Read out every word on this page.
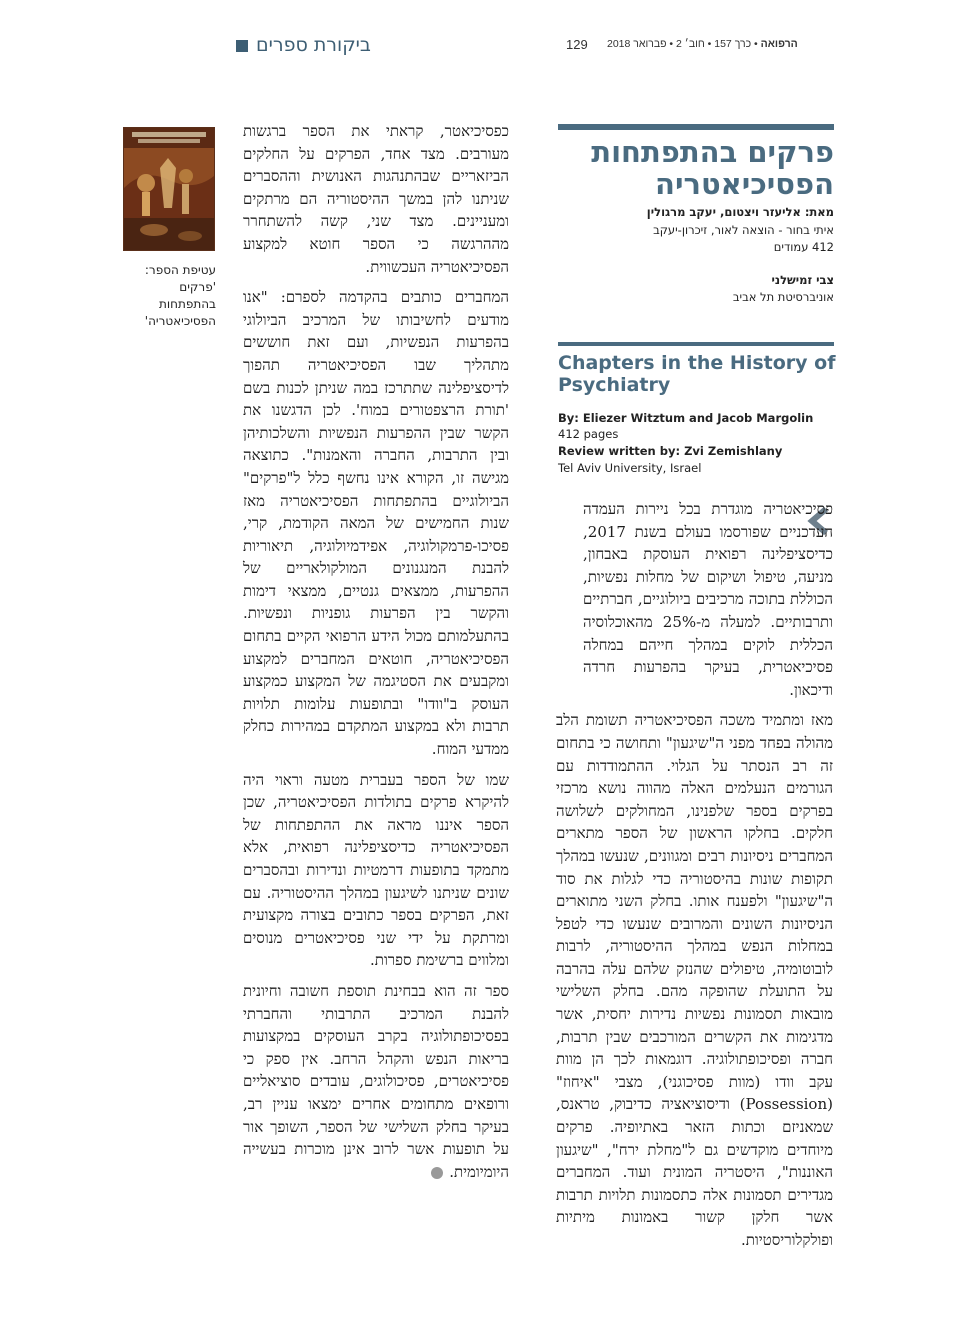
ביקורת ספרים	129	הרפואה • כרך 157 • חוב׳ 2 • פברואר 2018
פרקים בהתפתחות הפסיכיאטריה
מאת: אליעזר ויצטום, יעקב מרגולין
איתי בחור - הוצאה לאור, זיכרון-יעקב
412 עמודים
צבי זמישלני
אוניברסיטת תל אביב
Chapters in the History of Psychiatry
By: Eliezer Witztum and Jacob Margolin
412 pages
Review written by: Zvi Zemishlany
Tel Aviv University, Israel

פסיכיאטריה מוגדרת בכל ניירות העמדה העדכניים שפורסמו בעולם בשנת 2017, כדיסציפלינה רפואית העוסקת באבחון, מניעה, טיפול ושיקום של מחלות נפשיות, הכוללת בתוכה מרכיבים ביולוגיים, חברתיים ותרבותיים. למעלה מ-25% מהאוכלוסיה הכללית לוקים במהלך חייהם במחלה פסיכיאטרית, בעיקר בהפרעות חרדה ודיכאון.

מאז ומתמיד משכה הפסיכיאטריה תשומת הלב מהולה בפחד מפני ה"שיגעון" ותחושה כי בתחום זה רב הנסתר על הגלוי. ההתמודדות עם הגורמים הנעלמים האלה מהווה נושא מרכזי בפרקים בספר שלפנינו, המחולקים לשלושה חלקים. בחלקו הראשון של הספר מתארים המחברים ניסיונות רבים ומגוונים, שנעשו במהלך תקופות שונות בהיסטוריה כדי לגלות את סוד ה"שיגעון" ולפענח אותו. בחלק השני מתוארים הניסיונות השונים והמרובים שנעשו כדי לטפל במחלות הנפש במהלך ההיסטוריה, לרבות לובוטומיה, טיפולים שהנזק שלהם עלה בהרבה על התועלת שהופקה מהם. בחלק השלישי מובאות תסמונות נפשיות נדירות יחסית, אשר מדגימות את הקשרים המורכבים שבין תרבות, חברה ופסיכופתולוגיה. דוגמאות לכך הן מוות עקב וודו (מוות פסיכוגני), מצבי "איחוז" (Possession) ודיסוציאציה כדיבוק, טראנס, שמאניזם וכתות הזאר באתיופיה. פרקים מיוחדים מוקדשים גם ל"מחלת ירח", "שיגעון האוננות", היסטריה המונית ועוד. המחברים מגדירים תסמונות אלה כתסמונות תלויות תרבות אשר חלקן קשור באמונות מיתיות ופולקלוריסטיות.

כפסיכיאטר, קראתי את הספר ברגשות מעורבים. מצד אחד, הפרקים על החלקים הביזאריים שבהתנהגות האנושית וההסברים שניתנו להן במשך ההיסטוריה הם מרתקים ומעניינים. מצד שני, קשה להשתחרר מההרגשה כי הספר חוטא למקצוע הפסיכיאטריה העכשווית.

המחברים כותבים בהקדמה לספרם: "אנו מודעים לחשיבותו של המרכיב הביולוגי בהפרעות הנפשיות, ועם זאת חוששים מתהליך שבו הפסיכיאטריה תהפוך לדיסציפלינה שתתרכז במה שניתן לכנות בשם 'תורת הרצפטורים במוח'. לכן הדגשנו את הקשר שבין ההפרעות הנפשיות והשלכותיהן ובין התרבות, החברה והאמנות". כתוצאה מגישה זו, הקורא אינו נחשף כלל ל"פרקים" הביולוגיים בהתפתחות הפסיכיאטריה מאז שנות החמישים של המאה הקודמת, קרי, פסיכו-פרמקולוגיה, אפידמיולוגיה, תיאוריות להבנת המנגנונים המולקולאריים של ההפרעות, ממצאים גנטיים, ממצאי דימות והקשר בין הפרעות גופניות ונפשיות. בהתעלמותם מכול הידע הרפואי הקיים בתחום הפסיכיאטריה, חוטאים המחברים למקצוע ומקבעים את הסטיגמה של המקצוע כמקצוע העוסק ב"וודו" ובתופעות עלומות תלויות תרבות ולא במקצוע המתקדם במהירות כחלק ממדעי המוח.

שמו של הספר בעברית מטעה וראוי היה להיקרא פרקים בתולדות הפסיכיאטריה, שכן הספר איננו מראה את ההתפתחות של הפסיכיאטריה כדיסציפלינה רפואית, אלא מתמקד בתופעות דרמטיות ונדירות ובהסברים שונים שניתנו לשיגעון במהלך ההיסטוריה. עם זאת, הפרקים בספר כתובים בצורה מקצועית ומרתקת על ידי שני פסיכיאטרים מנוסים ומלווים ברשימת ספרות.

ספר זה הוא בבחינת תוספת חשובה וחיונית להבנת המרכיב התרבותי והחברתי בפסיכופתולוגיה בקרב העוסקים במקצועות בריאות הנפש והקהל הרחב. אין ספק כי פסיכיאטרים, פסיכולוגים, עובדים סוציאליים ורופאים מתחומים אחרים ימצאו עניין רב, בעיקר בחלק השלישי של הספר, השופך אור על תופעות אשר לרוב אינן מוכרות בעשייה היומיומית.

עטיפת הספר: 'פרקים בהתפתחות הפסיכיאטריה'
